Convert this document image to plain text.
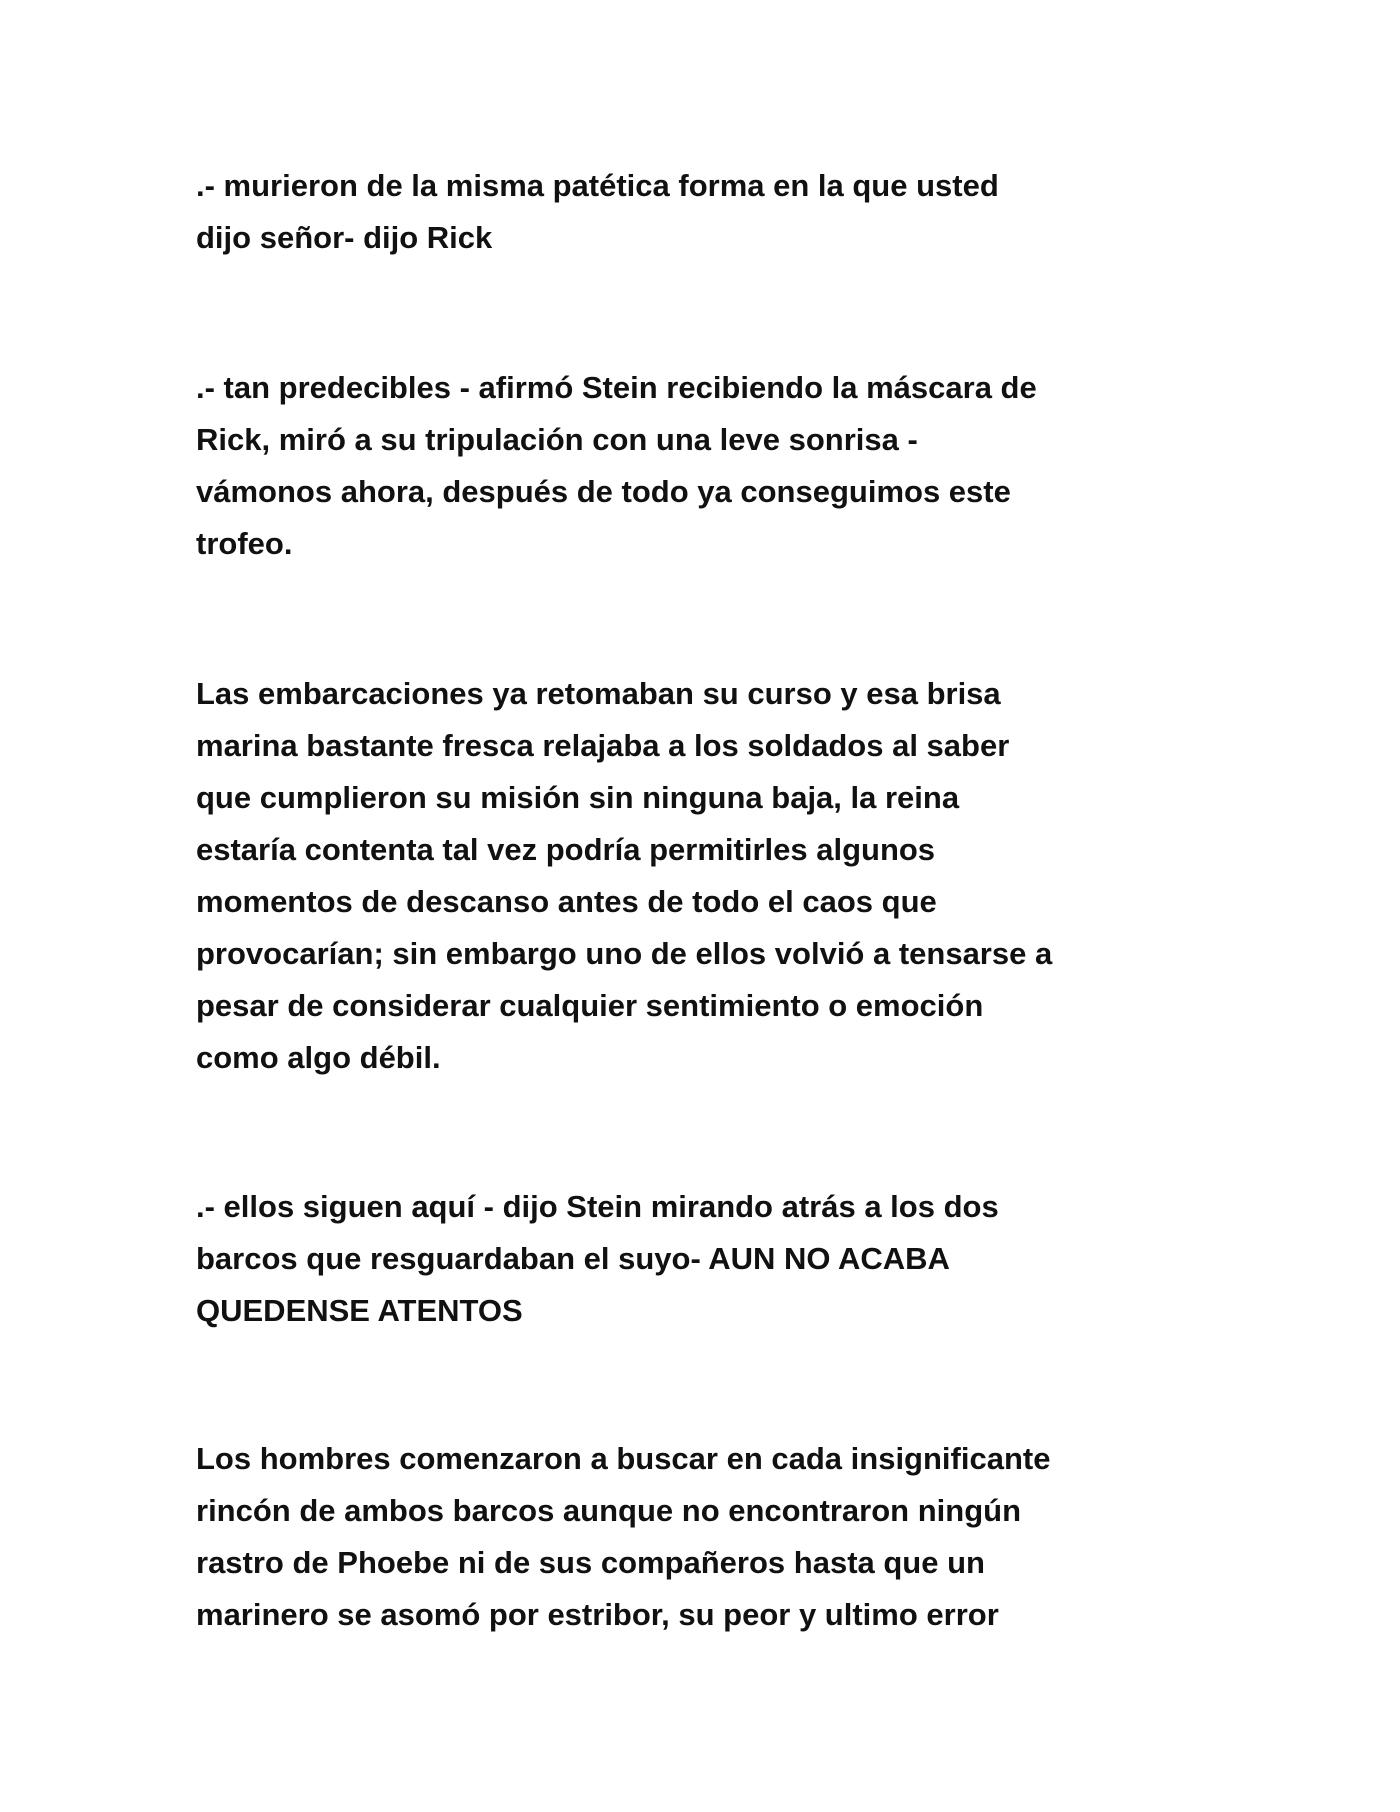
.- murieron de la misma patética forma en la que usted
dijo señor- dijo Rick
.- tan predecibles - afirmó Stein recibiendo la máscara de
Rick, miró a su tripulación con una leve sonrisa -
vámonos ahora, después de todo ya conseguimos este
trofeo.
Las embarcaciones ya retomaban su curso y esa brisa
marina bastante fresca relajaba a los soldados al saber
que cumplieron su misión sin ninguna baja, la reina
estaría contenta tal vez podría permitirles algunos
momentos de descanso antes de todo el caos que
provocarían; sin embargo uno de ellos volvió a tensarse a
pesar de considerar cualquier sentimiento o emoción
como algo débil.
.- ellos siguen aquí - dijo Stein mirando atrás a los dos
barcos que resguardaban el suyo- AUN NO ACABA
QUEDENSE ATENTOS
Los hombres comenzaron a buscar en cada insignificante
rincón de ambos barcos aunque no encontraron ningún
rastro de Phoebe ni de sus compañeros hasta que un
marinero se asomó por estribor, su peor y ultimo error
